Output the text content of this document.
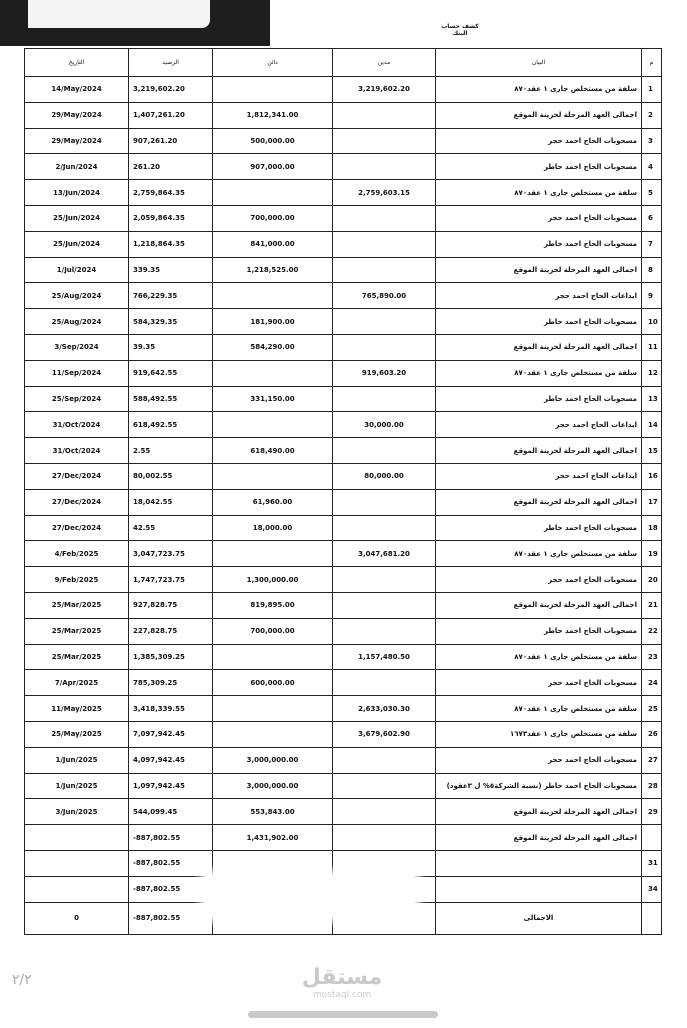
كشف حساب البنك
التاريخ	الرصيد	دائن	مدين	البيان	م
14/May/2024	3,219,602.20		3,219,602.20	سلفة من مستخلص جارى ١ عقد٨٧٠	1
29/May/2024	1,407,261.20	1,812,341.00		اجمالى العهد المرحلة لخزينة الموقع	2
29/May/2024	907,261.20	500,000.00		مسحوبات الحاج احمد حجر	3
2/Jun/2024	261.20	907,000.00		مسحوبات الحاج احمد خاطر	4
13/Jun/2024	2,759,864.35		2,759,603.15	سلفة من مستخلص جارى ١ عقد٨٧٠	5
25/Jun/2024	2,059,864.35	700,000.00		مسحوبات الحاج احمد حجر	6
25/Jun/2024	1,218,864.35	841,000.00		مسحوبات الحاج احمد خاطر	7
1/Jul/2024	339.35	1,218,525.00		اجمالى العهد المرحلة لخزينة الموقع	8
25/Aug/2024	766,229.35		765,890.00	ايداعات الحاج احمد حجر	9
25/Aug/2024	584,329.35	181,900.00		مسحوبات الحاج احمد خاطر	10
3/Sep/2024	39.35	584,290.00		اجمالى العهد المرحلة لخزينة الموقع	11
11/Sep/2024	919,642.55		919,603.20	سلفة من مستخلص جارى ١ عقد٨٧٠	12
25/Sep/2024	588,492.55	331,150.00		مسحوبات الحاج احمد خاطر	13
31/Oct/2024	618,492.55		30,000.00	ايداعات الحاج احمد حجر	14
31/Oct/2024	2.55	618,490.00		اجمالى العهد المرحلة لخزينة الموقع	15
27/Dec/2024	80,002.55		80,000.00	ايداعات الحاج احمد حجر	16
27/Dec/2024	18,042.55	61,960.00		اجمالى العهد المرحلة لخزينة الموقع	17
27/Dec/2024	42.55	18,000.00		مسحوبات الحاج احمد خاطر	18
4/Feb/2025	3,047,723.75		3,047,681.20	سلفة من مستخلص جارى ١ عقد٨٧٠	19
9/Feb/2025	1,747,723.75	1,300,000.00		مسحوبات الحاج احمد حجر	20
25/Mar/2025	927,828.75	819,895.00		اجمالى العهد المرحلة لخزينة الموقع	21
25/Mar/2025	227,828.75	700,000.00		مسحوبات الحاج احمد خاطر	22
25/Mar/2025	1,385,309.25		1,157,480.50	سلفة من مستخلص جارى ١ عقد٨٧٠	23
7/Apr/2025	785,309.25	600,000.00		مسحوبات الحاج احمد حجر	24
11/May/2025	3,418,339.55		2,633,030.30	سلفة من مستخلص جارى ١ عقد٨٧٠	25
25/May/2025	7,097,942.45		3,679,602.90	سلفة من مستخلص جارى ١ عقد١٦٧٣	26
1/Jun/2025	4,097,942.45	3,000,000.00		مسحوبات الحاج احمد حجر	27
1/Jun/2025	1,097,942.45	3,000,000.00		مسحوبات الحاج احمد خاطر (نسبة الشركة٥% ل ٣عقود)	28
3/Jun/2025	544,099.45	553,843.00		اجمالى العهد المرحلة لخزينة الموقع	29
	-887,802.55	1,431,902.00		اجمالى العهد المرحلة لخزينة الموقع	
	-887,802.55				31
	-887,802.55				34
0	-887,802.55			الاجمالى	
٢/٢	مستقل
mostaql.com
